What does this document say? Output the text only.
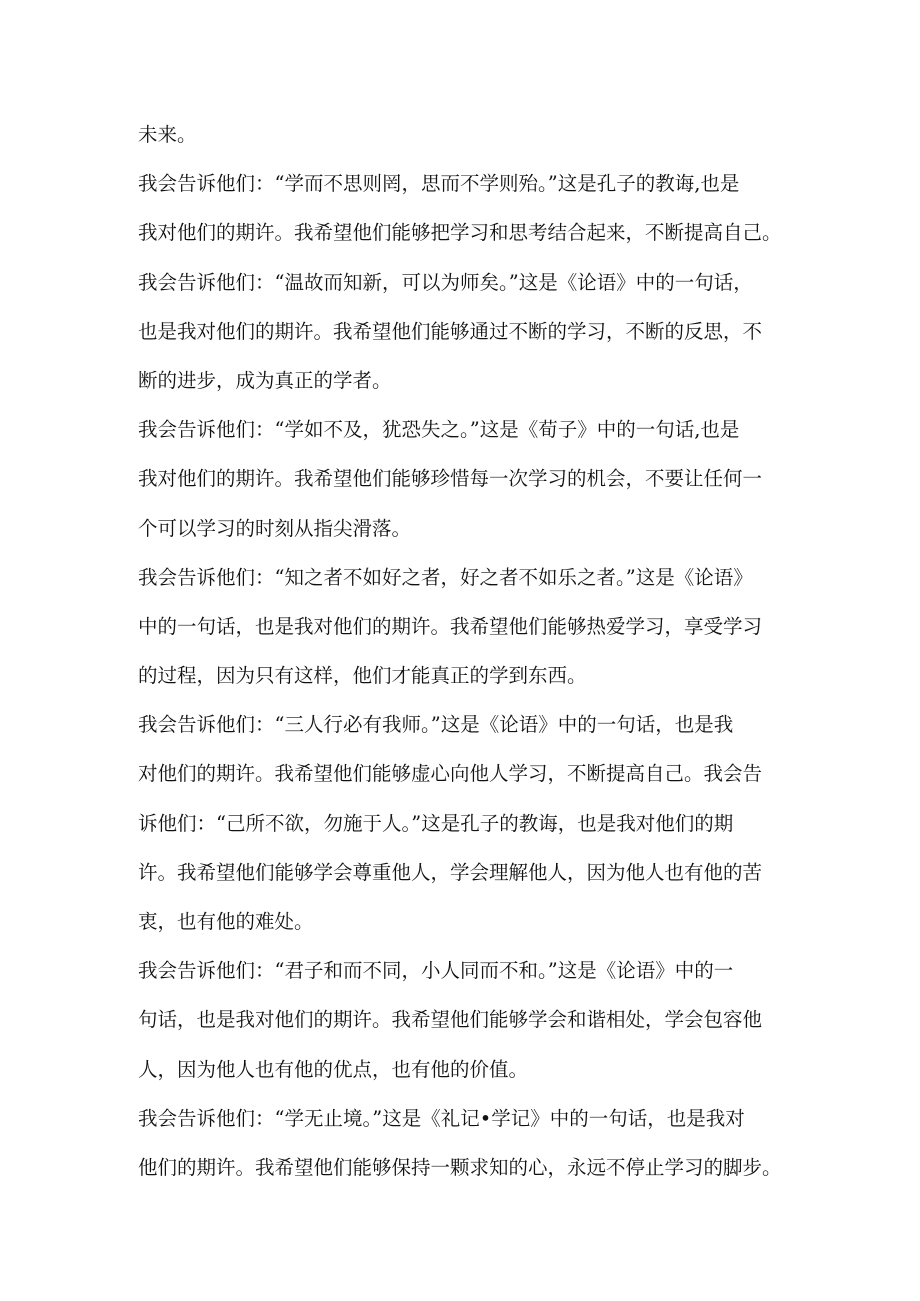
未来。
我会告诉他们：“学而不思则罔，思而不学则殆。”这是孔子的教诲,也是
我对他们的期许。我希望他们能够把学习和思考结合起来，不断提高自己。
我会告诉他们：“温故而知新，可以为师矣。”这是《论语》中的一句话，
也是我对他们的期许。我希望他们能够通过不断的学习，不断的反思，不
断的进步，成为真正的学者。
我会告诉他们：“学如不及，犹恐失之。”这是《荀子》中的一句话,也是
我对他们的期许。我希望他们能够珍惜每一次学习的机会，不要让任何一
个可以学习的时刻从指尖滑落。
我会告诉他们：“知之者不如好之者，好之者不如乐之者。”这是《论语》
中的一句话，也是我对他们的期许。我希望他们能够热爱学习，享受学习
的过程，因为只有这样，他们才能真正的学到东西。
我会告诉他们：“三人行必有我师。”这是《论语》中的一句话，也是我
对他们的期许。我希望他们能够虚心向他人学习，不断提高自己。我会告
诉他们：“己所不欲，勿施于人。”这是孔子的教诲，也是我对他们的期
许。我希望他们能够学会尊重他人，学会理解他人，因为他人也有他的苦
衷，也有他的难处。
我会告诉他们：“君子和而不同，小人同而不和。”这是《论语》中的一
句话，也是我对他们的期许。我希望他们能够学会和谐相处，学会包容他
人，因为他人也有他的优点，也有他的价值。
我会告诉他们：“学无止境。”这是《礼记•学记》中的一句话，也是我对
他们的期许。我希望他们能够保持一颗求知的心，永远不停止学习的脚步。
